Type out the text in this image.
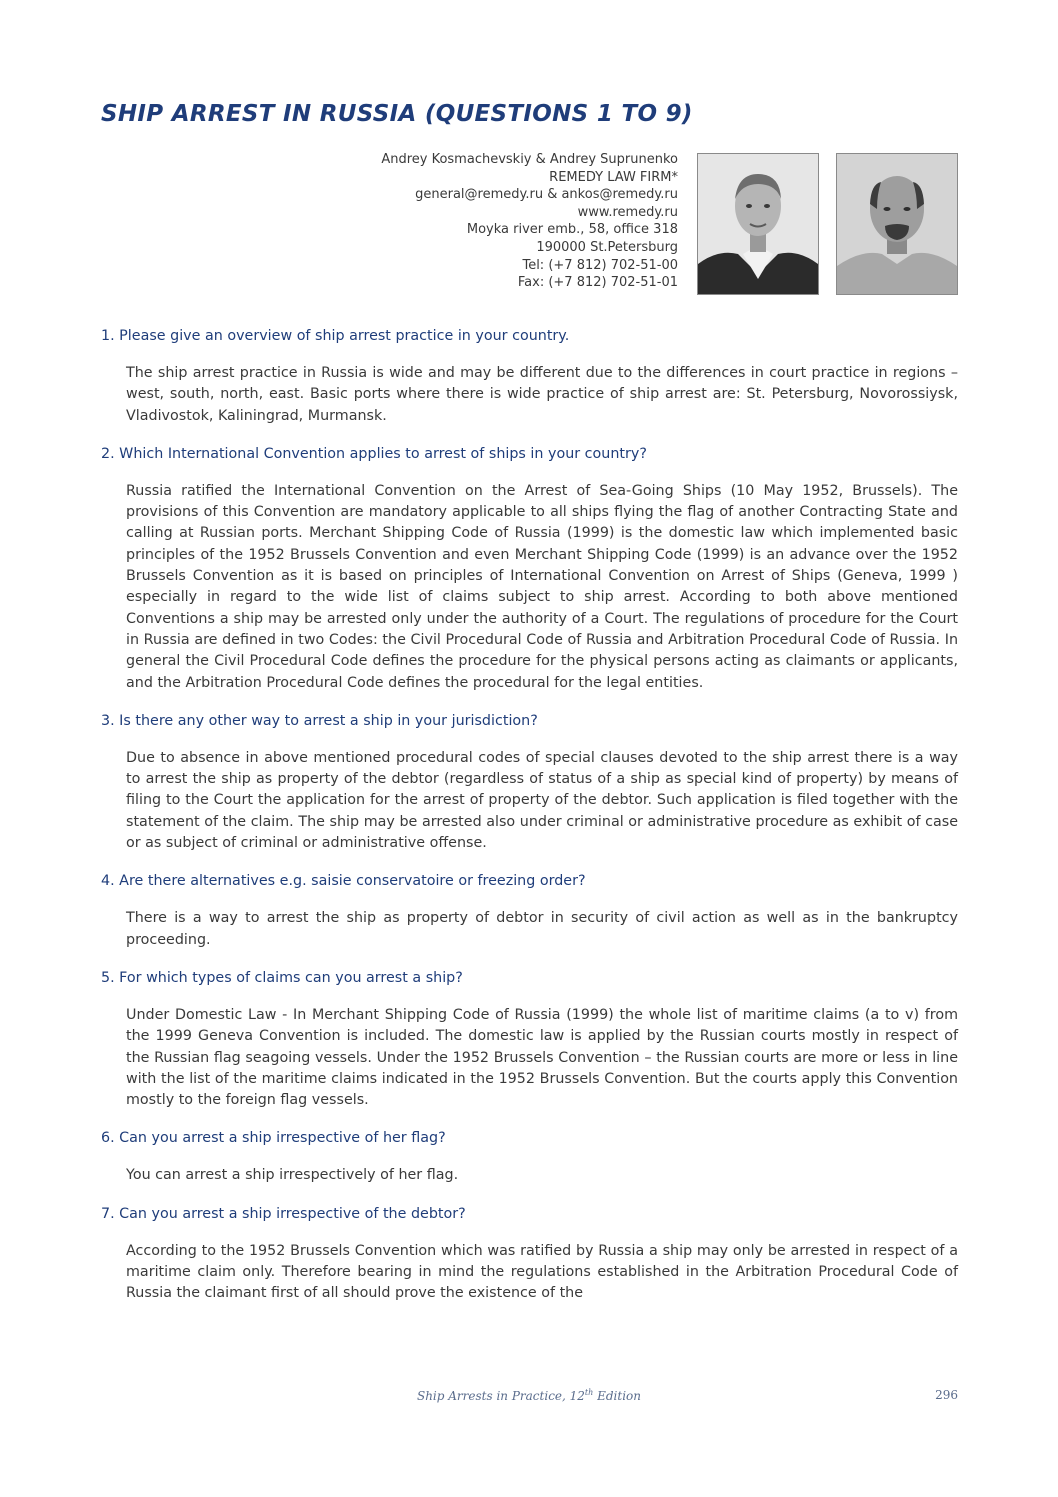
SHIP ARREST IN RUSSIA (QUESTIONS 1 TO 9)
Andrey Kosmachevskiy & Andrey Suprunenko
REMEDY LAW FIRM*
general@remedy.ru & ankos@remedy.ru
www.remedy.ru
Moyka river emb., 58, office 318
190000 St.Petersburg
Tel: (+7 812) 702-51-00
Fax: (+7 812) 702-51-01
1. Please give an overview of ship arrest practice in your country.

The ship arrest practice in Russia is wide and may be different due to the differences in court practice in regions – west, south, north, east. Basic ports where there is wide practice of ship arrest are: St. Petersburg, Novorossiysk, Vladivostok, Kaliningrad, Murmansk.

2. Which International Convention applies to arrest of ships in your country?

Russia ratified the International Convention on the Arrest of Sea-Going Ships (10 May 1952, Brussels). The provisions of this Convention are mandatory applicable to all ships flying the flag of another Contracting State and calling at Russian ports. Merchant Shipping Code of Russia (1999) is the domestic law which implemented basic principles of the 1952 Brussels Convention and even Merchant Shipping Code (1999) is an advance over the 1952 Brussels Convention as it is based on principles of International Convention on Arrest of Ships (Geneva, 1999 ) especially in regard to the wide list of claims subject to ship arrest. According to both above mentioned Conventions a ship may be arrested only under the authority of a Court. The regulations of procedure for the Court in Russia are defined in two Codes: the Civil Procedural Code of Russia and Arbitration Procedural Code of Russia. In general the Civil Procedural Code defines the procedure for the physical persons acting as claimants or applicants, and the Arbitration Procedural Code defines the procedural for the legal entities.

3. Is there any other way to arrest a ship in your jurisdiction?

Due to absence in above mentioned procedural codes of special clauses devoted to the ship arrest there is a way to arrest the ship as property of the debtor (regardless of status of a ship as special kind of property) by means of filing to the Court the application for the arrest of property of the debtor. Such application is filed together with the statement of the claim. The ship may be arrested also under criminal or administrative procedure as exhibit of case or as subject of criminal or administrative offense.

4. Are there alternatives e.g. saisie conservatoire or freezing order?

There is a way to arrest the ship as property of debtor in security of civil action as well as in the bankruptcy proceeding.

5. For which types of claims can you arrest a ship?

Under Domestic Law - In Merchant Shipping Code of Russia (1999) the whole list of maritime claims (a to v) from the 1999 Geneva Convention is included. The domestic law is applied by the Russian courts mostly in respect of the Russian flag seagoing vessels. Under the 1952 Brussels Convention – the Russian courts are more or less in line with the list of the maritime claims indicated in the 1952 Brussels Convention. But the courts apply this Convention mostly to the foreign flag vessels.

6. Can you arrest a ship irrespective of her flag?

You can arrest a ship irrespectively of her flag.

7. Can you arrest a ship irrespective of the debtor?

According to the 1952 Brussels Convention which was ratified by Russia a ship may only be arrested in respect of a maritime claim only. Therefore bearing in mind the regulations established in the Arbitration Procedural Code of Russia the claimant first of all should prove the existence of the

Ship Arrests in Practice, 12th Edition	296
